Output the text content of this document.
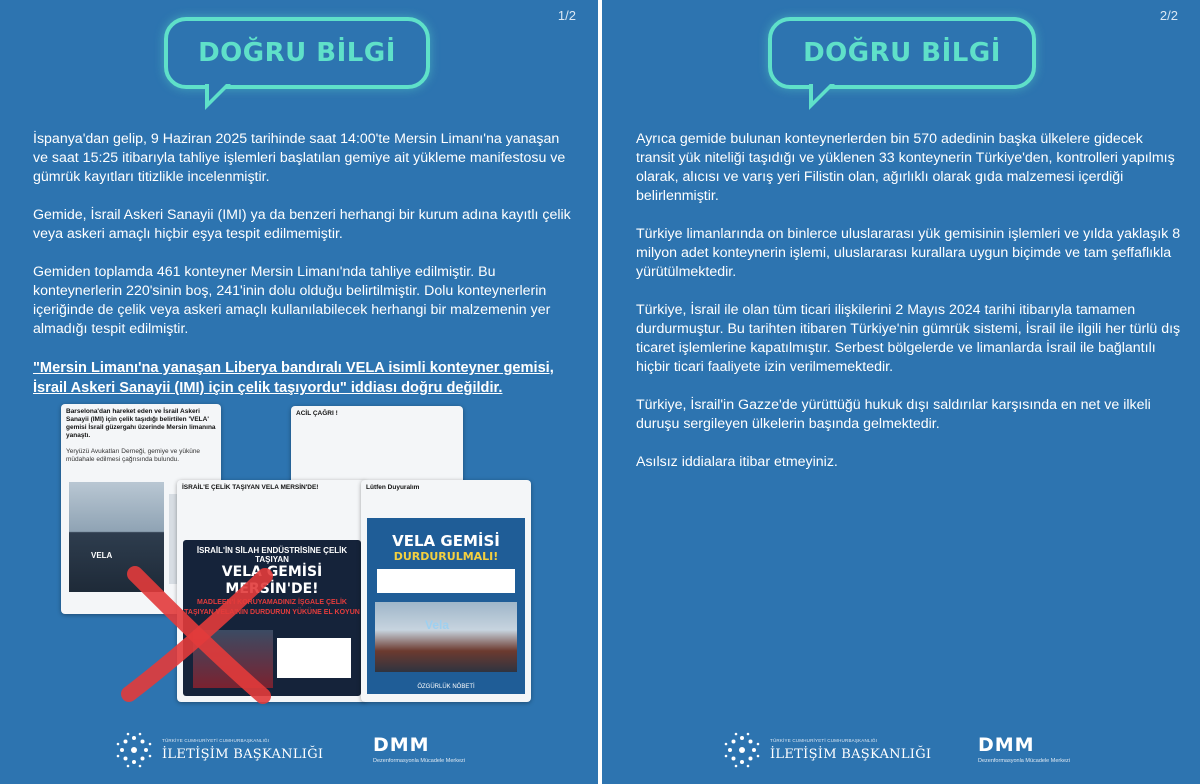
1/2
DOĞRU BİLGİ

İspanya'dan gelip, 9 Haziran 2025 tarihinde saat 14:00'te Mersin Limanı'na yanaşan ve saat 15:25 itibarıyla tahliye işlemleri başlatılan gemiye ait yükleme manifestosu ve gümrük kayıtları titizlikle incelenmiştir.

Gemide, İsrail Askeri Sanayii (IMI) ya da benzeri herhangi bir kurum adına kayıtlı çelik veya askeri amaçlı hiçbir eşya tespit edilmemiştir.

Gemiden toplamda 461 konteyner Mersin Limanı'nda tahliye edilmiştir. Bu konteynerlerin 220'sinin boş, 241'inin dolu olduğu belirtilmiştir. Dolu konteynerlerin içeriğinde de çelik veya askeri amaçlı kullanılabilecek herhangi bir malzemenin yer almadığı tespit edilmiştir.

"Mersin Limanı'na yanaşan Liberya bandıralı VELA isimli konteyner gemisi, İsrail Askeri Sanayii (IMI) için çelik taşıyordu" iddiası doğru değildir.

Barselona'dan hareket eden ve İsrail Askeri Sanayii (IMI) için çelik taşıdığı belirtilen 'VELA' gemisi İsrail güzergahı üzerinde Mersin limanına yanaştı.
Yeryüzü Avukatları Derneği, gemiye ve yüküne müdahale edilmesi çağrısında bulundu.
VELA
ACİL ÇAĞRI !
İSRAİL'E ÇELİK TAŞIYAN VELA MERSİN'DE!
İSRAİL'İN SİLAH ENDÜSTRİSİNE ÇELİK TAŞIYAN
VELA GEMİSİ MERSİN'DE!
MADLEEN'İ KORUYAMADINIZ İŞGALE ÇELİK TAŞIYAN VELA'NIN DURDURUN YÜKÜNE EL KOYUN
Lütfen Duyuralım
VELA GEMİSİ
DURDURULMALI!
Vela
ÖZGÜRLÜK NÖBETİ
TÜRKİYE CUMHURİYETİ CUMHURBAŞKANLIĞI
İLETİŞİM BAŞKANLIĞI	DMM
Dezenformasyonla Mücadele Merkezi
2/2
DOĞRU BİLGİ

Ayrıca gemide bulunan konteynerlerden bin 570 adedinin başka ülkelere gidecek transit yük niteliği taşıdığı ve yüklenen 33 konteynerin Türkiye'den, kontrolleri yapılmış olarak, alıcısı ve varış yeri Filistin olan, ağırlıklı olarak gıda malzemesi içerdiği belirlenmiştir.

Türkiye limanlarında on binlerce uluslararası yük gemisinin işlemleri ve yılda yaklaşık 8 milyon adet konteynerin işlemi, uluslararası kurallara uygun biçimde ve tam şeffaflıkla yürütülmektedir.

Türkiye, İsrail ile olan tüm ticari ilişkilerini 2 Mayıs 2024 tarihi itibarıyla tamamen durdurmuştur. Bu tarihten itibaren Türkiye'nin gümrük sistemi, İsrail ile ilgili her türlü dış ticaret işlemlerine kapatılmıştır. Serbest bölgelerde ve limanlarda İsrail ile bağlantılı hiçbir ticari faaliyete izin verilmemektedir.

Türkiye, İsrail'in Gazze'de yürüttüğü hukuk dışı saldırılar karşısında en net ve ilkeli duruşu sergileyen ülkelerin başında gelmektedir.

Asılsız iddialara itibar etmeyiniz.

TÜRKİYE CUMHURİYETİ CUMHURBAŞKANLIĞI
İLETİŞİM BAŞKANLIĞI DMM
Dezenformasyonla Mücadele Merkezi
